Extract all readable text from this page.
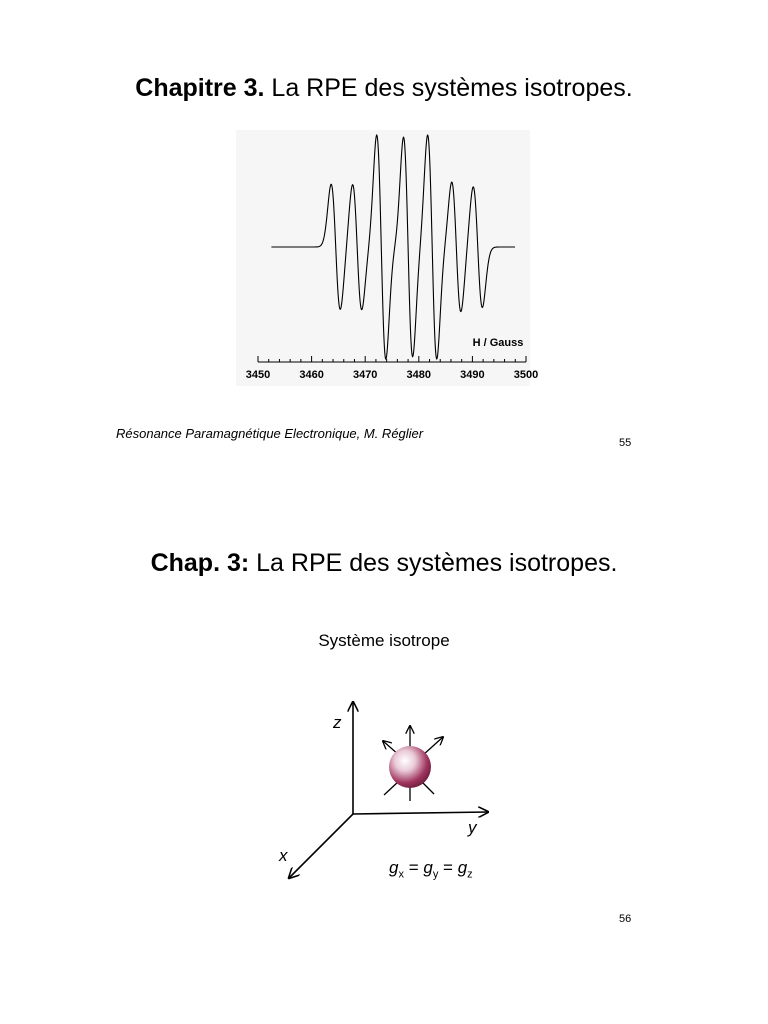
Chapitre 3. La RPE des systèmes isotropes.
3450	3460	3470	3480	3490	3500
H / Gauss
Résonance Paramagnétique Electronique, M. Réglier
55
Chap. 3: La RPE des systèmes isotropes.
Système isotrope
z
y
x
$g_x = g_y = g_z$
56
